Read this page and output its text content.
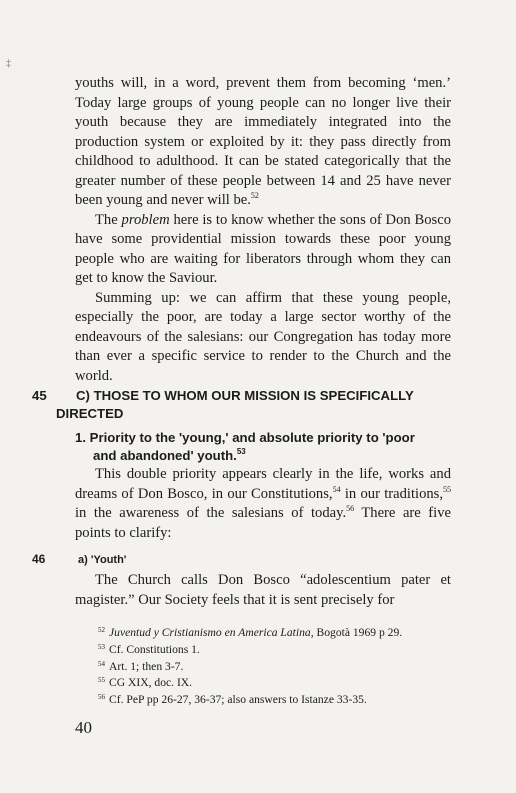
‡

youths will, in a word, prevent them from becoming ‘men.’ Today large groups of young people can no longer live their youth because they are immediately integrated into the production system or exploited by it: they pass directly from childhood to adulthood. It can be stated categorically that the greater number of these people between 14 and 25 have never been young and never will be.$^{52}$

The problem here is to know whether the sons of Don Bosco have some providential mission towards these poor young people who are waiting for liberators through whom they can get to know the Saviour.

Summing up: we can affirm that these young people, especially the poor, are today a large sector worthy of the endeavours of the salesians: our Congregation has today more than ever a specific service to render to the Church and the world.

45	C) THOSE TO WHOM OUR MISSION IS SPECIFICALLY
DIRECTED
1. Priority to the 'young,' and absolute priority to 'poor
and abandoned' youth.$^{53}$

This double priority appears clearly in the life, works and dreams of Don Bosco, in our Constitutions,$^{54}$ in our traditions,$^{55}$ in the awareness of the salesians of today.$^{56}$ There are five points to clarify:

46	a) 'Youth'

The Church calls Don Bosco “adolescentium pater et magister.” Our Society feels that it is sent precisely for

$^{52}$ Juventud y Cristianismo en America Latina, Bogotà 1969 p 29.
$^{53}$ Cf. Constitutions 1.
$^{54}$ Art. 1; then 3-7.
$^{55}$ CG XIX, doc. IX.
$^{56}$ Cf. PeP pp 26-27, 36-37; also answers to Istanze 33-35.
40
